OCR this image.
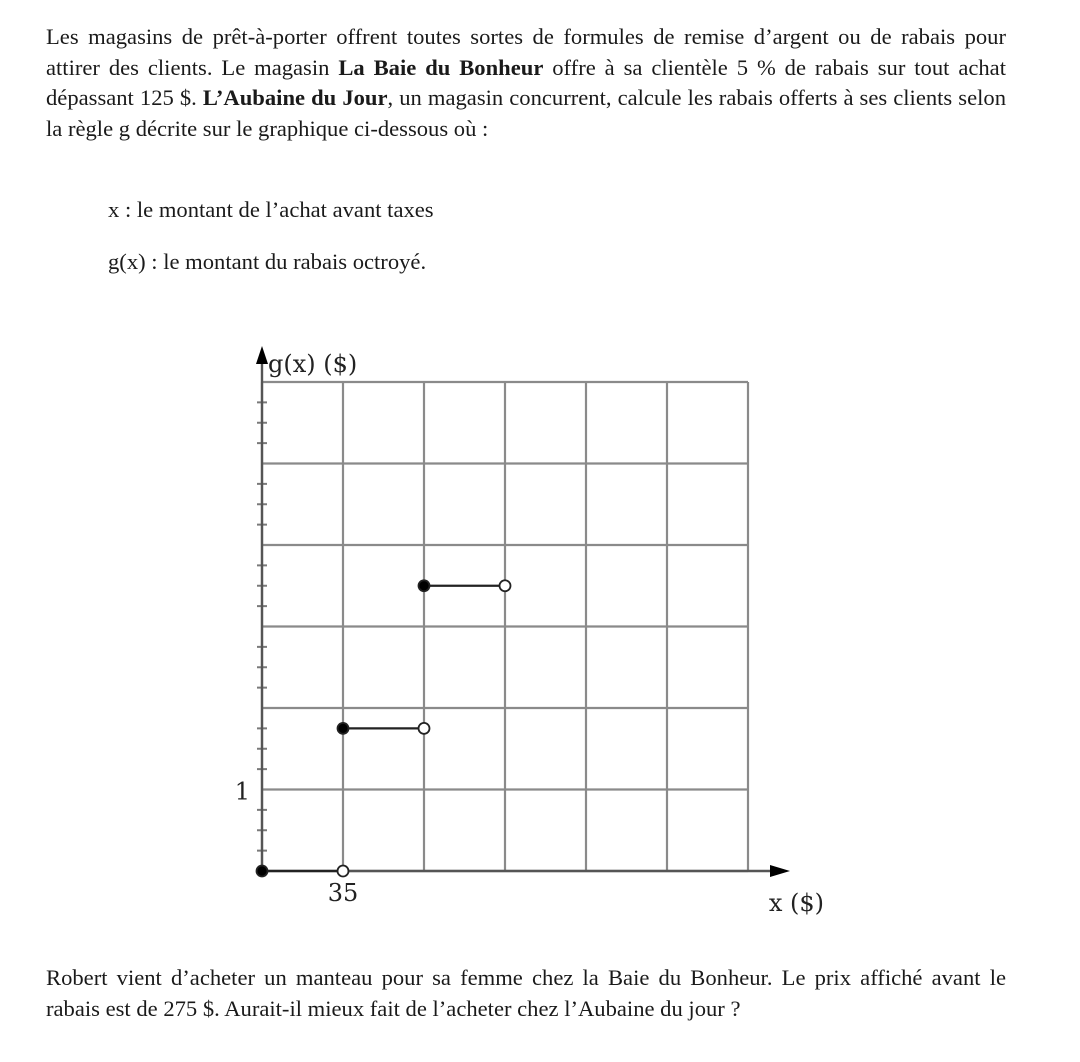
Les magasins de prêt-à-porter offrent toutes sortes de formules de remise d’argent ou de rabais pour attirer des clients. Le magasin La Baie du Bonheur offre à sa clientèle 5 % de rabais sur tout achat dépassant 125 $. L’Aubaine du Jour, un magasin concurrent, calcule les rabais offerts à ses clients selon la règle g décrite sur le graphique ci-dessous où :
x : le montant de l’achat avant taxes
g(x) : le montant du rabais octroyé.
g(x) ($)
x ($)
35
1
Robert vient d’acheter un manteau pour sa femme chez la Baie du Bonheur. Le prix affiché avant le rabais est de 275 $. Aurait-il mieux fait de l’acheter chez l’Aubaine du jour ?
